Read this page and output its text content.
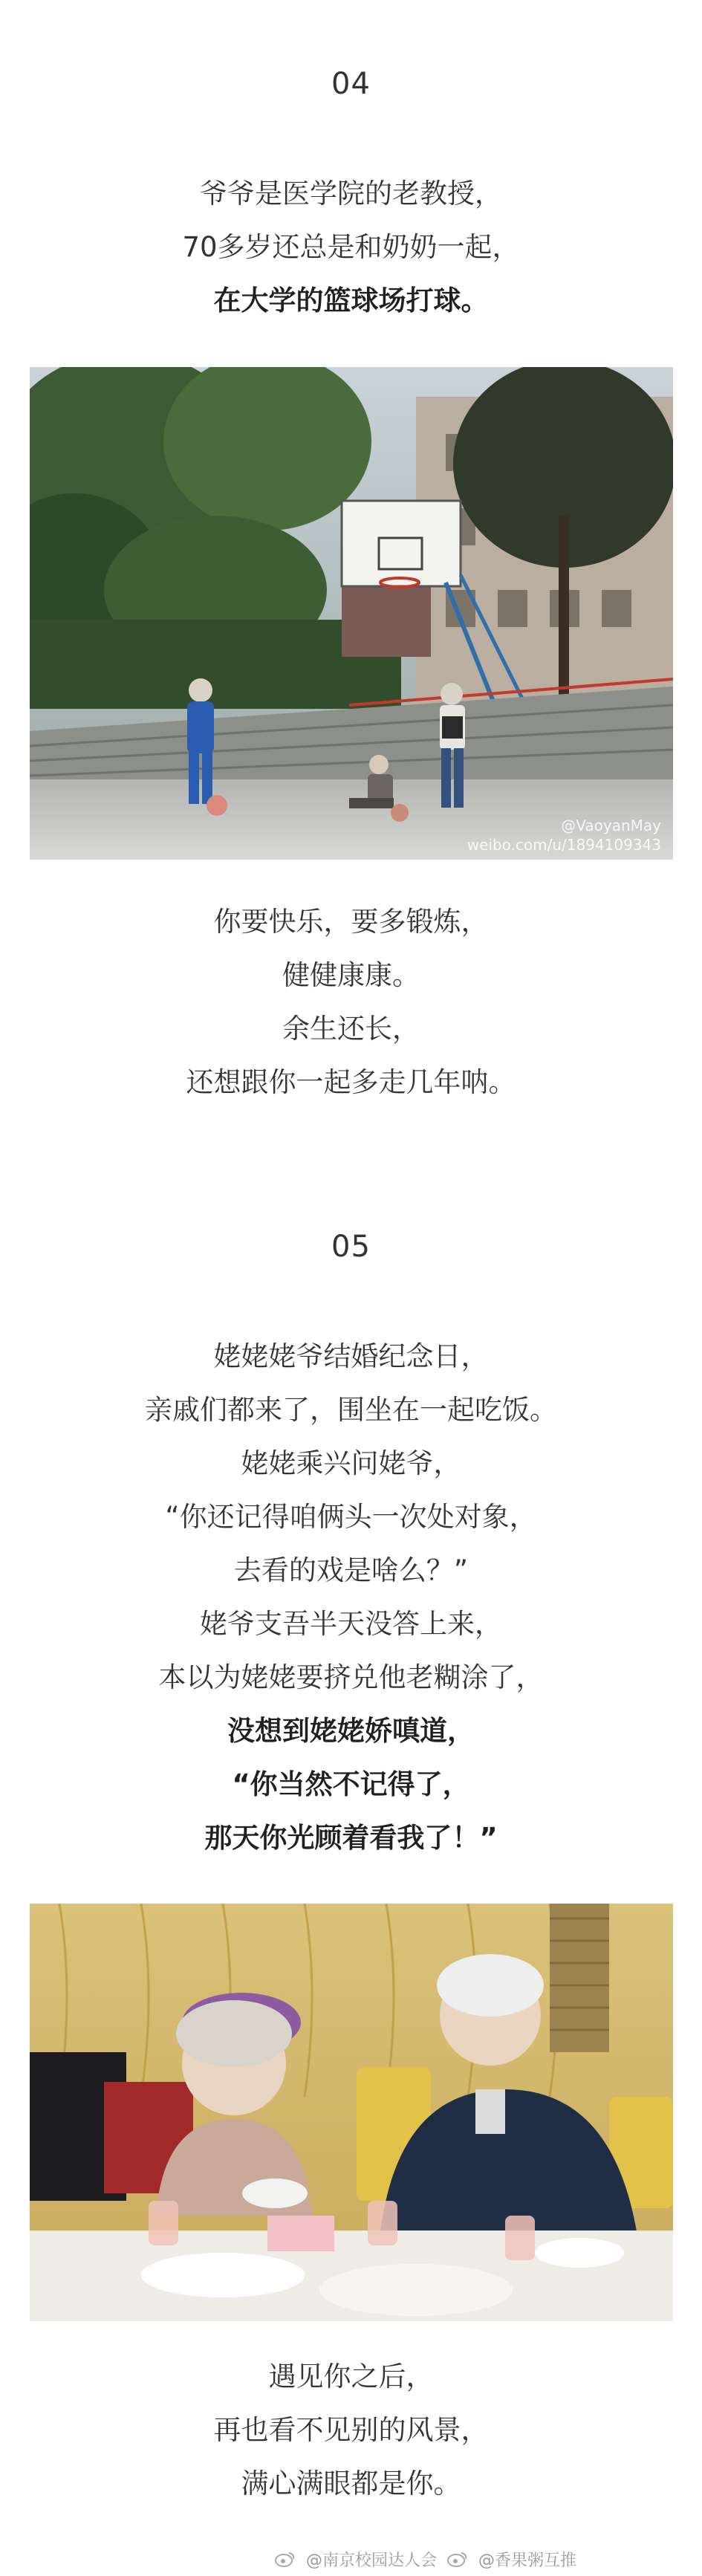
04
爷爷是医学院的老教授，
70多岁还总是和奶奶一起，
在大学的篮球场打球。
@VaoyanMay
weibo.com/u/1894109343
你要快乐，要多锻炼，
健健康康。
余生还长，
还想跟你一起多走几年呐。
05
姥姥姥爷结婚纪念日，
亲戚们都来了，围坐在一起吃饭。
姥姥乘兴问姥爷，
“你还记得咱俩头一次处对象，
去看的戏是啥么？”
姥爷支吾半天没答上来，
本以为姥姥要挤兑他老糊涂了，
没想到姥姥娇嗔道，
“你当然不记得了，
那天你光顾着看我了！”
遇见你之后，
再也看不见别的风景，
满心满眼都是你。
@南京校园达人会	@香果粥互推
